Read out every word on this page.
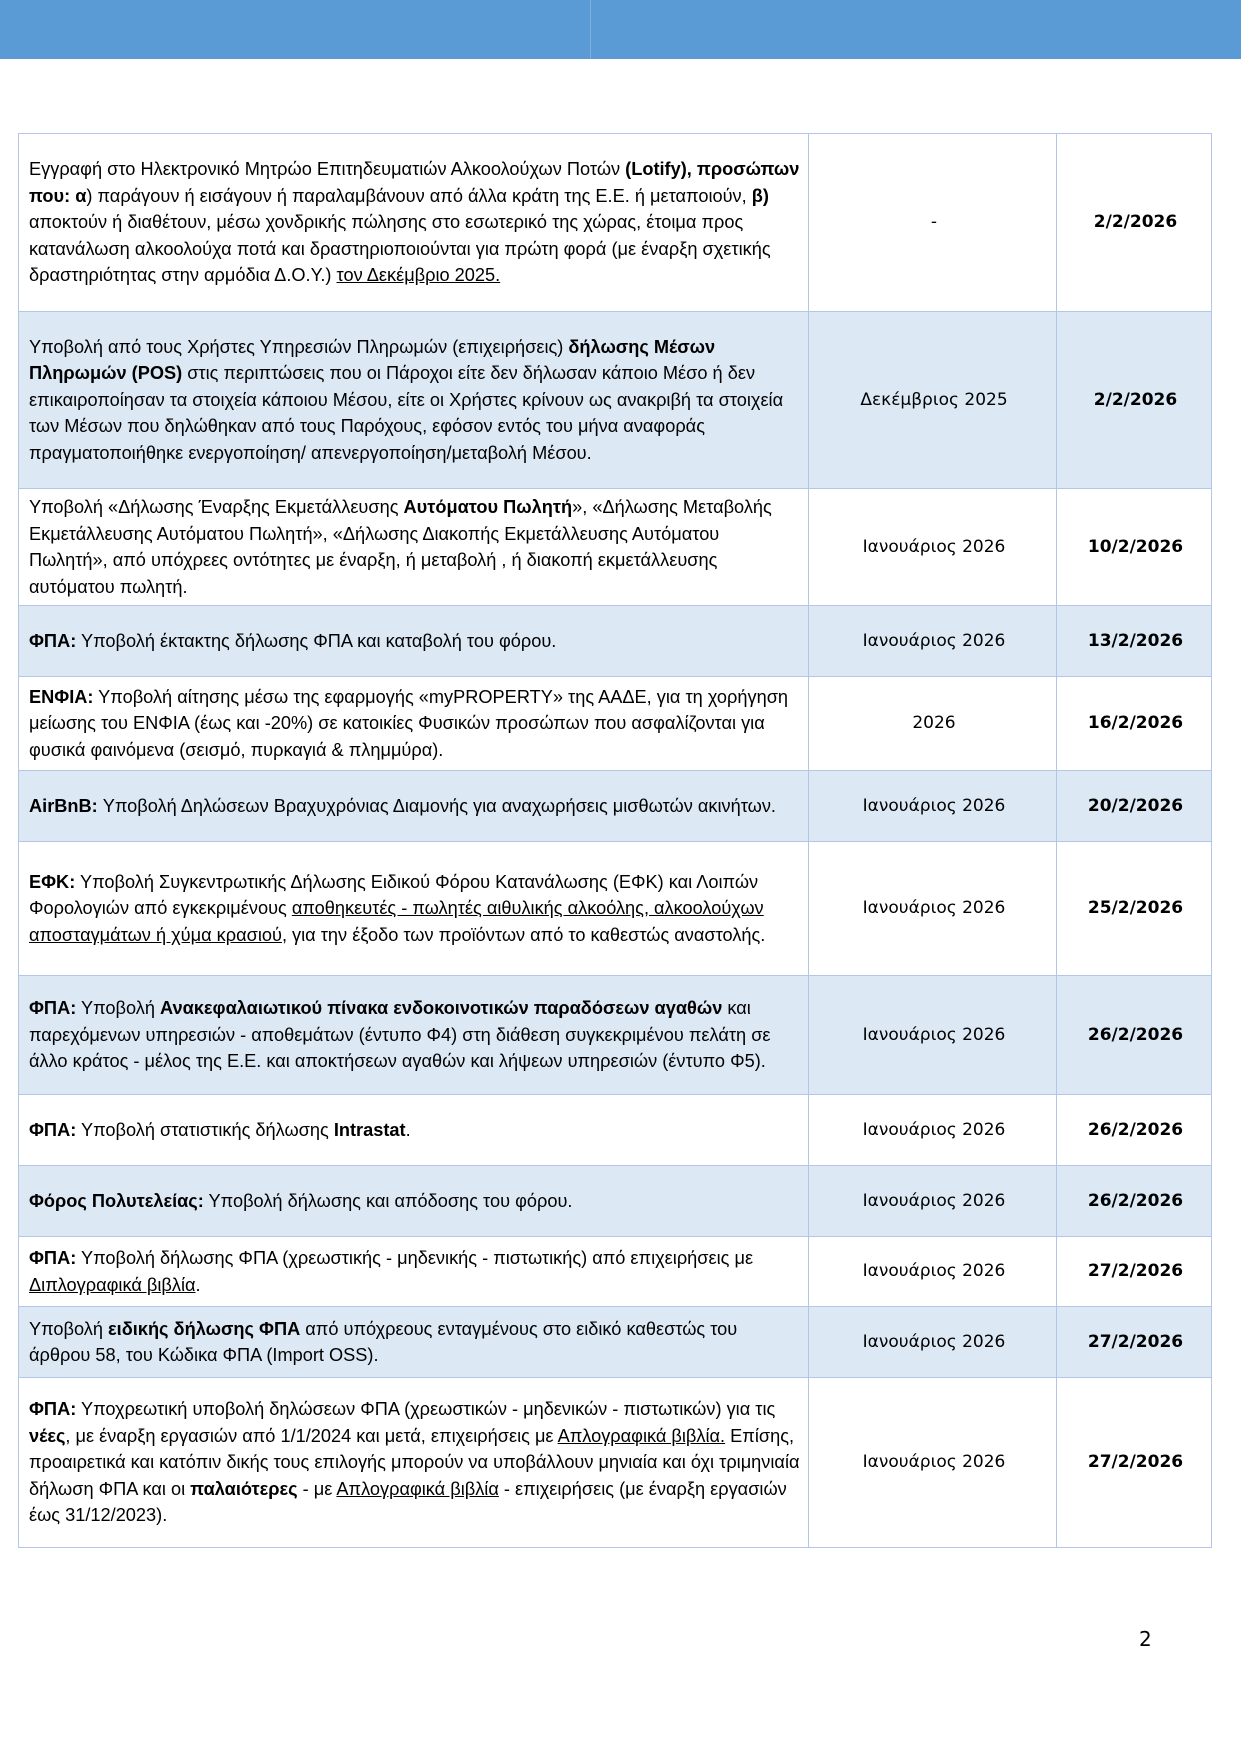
Εγγραφή στο Ηλεκτρονικό Μητρώο Επιτηδευματιών Αλκοολούχων Ποτών (Lotify), προσώπων που: α) παράγουν ή εισάγουν ή παραλαμβάνουν από άλλα κράτη της Ε.Ε. ή μεταποιούν, β) αποκτούν ή διαθέτουν, μέσω χονδρικής πώλησης στο εσωτερικό της χώρας, έτοιμα προς κατανάλωση αλκοολούχα ποτά και δραστηριοποιούνται για πρώτη φορά (με έναρξη σχετικής δραστηριότητας στην αρμόδια Δ.Ο.Υ.) τον Δεκέμβριο 2025.	-	2/2/2026
Υποβολή από τους Χρήστες Υπηρεσιών Πληρωμών (επιχειρήσεις) δήλωσης Μέσων Πληρωμών (POS) στις περιπτώσεις που οι Πάροχοι είτε δεν δήλωσαν κάποιο Μέσο ή δεν επικαιροποίησαν τα στοιχεία κάποιου Μέσου, είτε οι Χρήστες κρίνουν ως ανακριβή τα στοιχεία των Μέσων που δηλώθηκαν από τους Παρόχους, εφόσον εντός του μήνα αναφοράς πραγματοποιήθηκε ενεργοποίηση/ απενεργοποίηση/μεταβολή Μέσου.	Δεκέμβριος 2025	2/2/2026
Υποβολή «Δήλωσης Έναρξης Εκμετάλλευσης Αυτόματου Πωλητή», «Δήλωσης Μεταβολής Εκμετάλλευσης Αυτόματου Πωλητή», «Δήλωσης Διακοπής Εκμετάλλευσης Αυτόματου Πωλητή», από υπόχρεες οντότητες με έναρξη, ή μεταβολή , ή διακοπή εκμετάλλευσης αυτόματου πωλητή.	Ιανουάριος 2026	10/2/2026
ΦΠΑ: Υποβολή έκτακτης δήλωσης ΦΠΑ και καταβολή του φόρου.	Ιανουάριος 2026	13/2/2026
ΕΝΦΙΑ: Υποβολή αίτησης μέσω της εφαρμογής «myPROPERTY» της ΑΑΔΕ, για τη χορήγηση μείωσης του ΕΝΦΙΑ (έως και -20%) σε κατοικίες Φυσικών προσώπων που ασφαλίζονται για φυσικά φαινόμενα (σεισμό, πυρκαγιά & πλημμύρα).	2026	16/2/2026
AirBnB: Υποβολή Δηλώσεων Βραχυχρόνιας Διαμονής για αναχωρήσεις μισθωτών ακινήτων.	Ιανουάριος 2026	20/2/2026
ΕΦΚ: Υποβολή Συγκεντρωτικής Δήλωσης Ειδικού Φόρου Κατανάλωσης (ΕΦΚ) και Λοιπών Φορολογιών από εγκεκριμένους αποθηκευτές - πωλητές αιθυλικής αλκοόλης, αλκοολούχων αποσταγμάτων ή χύμα κρασιού, για την έξοδο των προϊόντων από το καθεστώς αναστολής.	Ιανουάριος 2026	25/2/2026
ΦΠΑ: Υποβολή Ανακεφαλαιωτικού πίνακα ενδοκοινοτικών παραδόσεων αγαθών και παρεχόμενων υπηρεσιών - αποθεμάτων (έντυπο Φ4) στη διάθεση συγκεκριμένου πελάτη σε άλλο κράτος - μέλος της Ε.Ε. και αποκτήσεων αγαθών και λήψεων υπηρεσιών (έντυπο Φ5).	Ιανουάριος 2026	26/2/2026
ΦΠΑ: Υποβολή στατιστικής δήλωσης Intrastat.	Ιανουάριος 2026	26/2/2026
Φόρος Πολυτελείας: Υποβολή δήλωσης και απόδοσης του φόρου.	Ιανουάριος 2026	26/2/2026
ΦΠΑ: Υποβολή δήλωσης ΦΠΑ (χρεωστικής - μηδενικής - πιστωτικής) από επιχειρήσεις με Διπλογραφικά βιβλία.	Ιανουάριος 2026	27/2/2026
Υποβολή ειδικής δήλωσης ΦΠΑ από υπόχρεους ενταγμένους στο ειδικό καθεστώς του άρθρου 58, του Κώδικα ΦΠΑ (Import OSS).	Ιανουάριος 2026	27/2/2026
ΦΠΑ: Υποχρεωτική υποβολή δηλώσεων ΦΠΑ (χρεωστικών - μηδενικών - πιστωτικών) για τις νέες, με έναρξη εργασιών από 1/1/2024 και μετά, επιχειρήσεις με Απλογραφικά βιβλία. Επίσης, προαιρετικά και κατόπιν δικής τους επιλογής μπορούν να υποβάλλουν μηνιαία και όχι τριμηνιαία δήλωση ΦΠΑ και οι παλαιότερες - με Απλογραφικά βιβλία - επιχειρήσεις (με έναρξη εργασιών έως 31/12/2023).	Ιανουάριος 2026	27/2/2026
2
